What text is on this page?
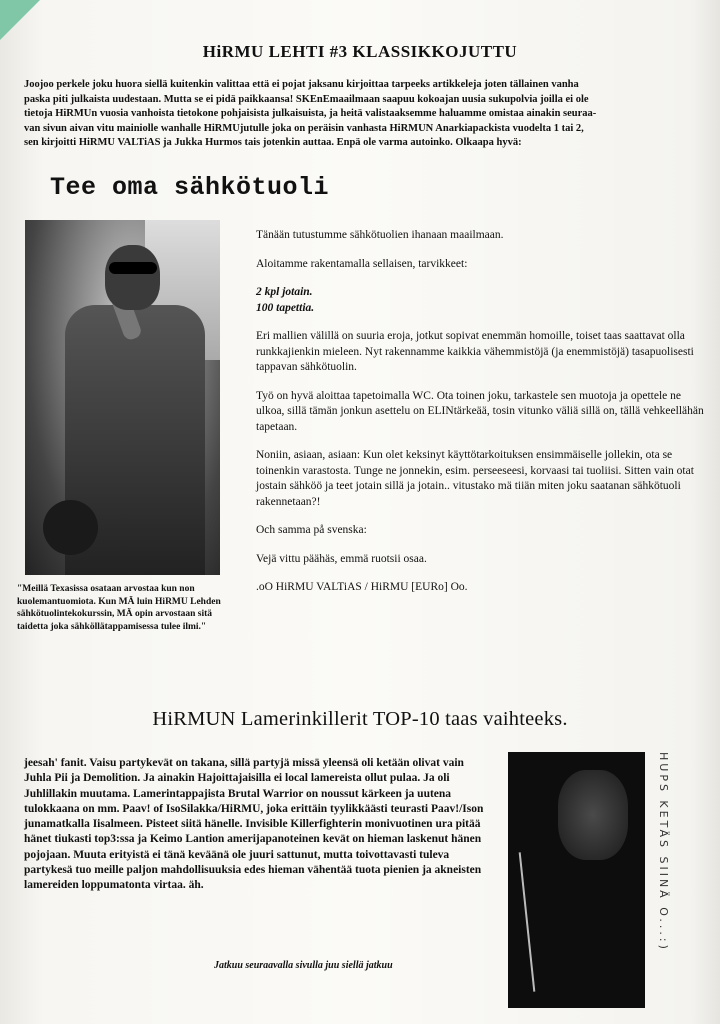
HiRMU LEHTI #3 KLASSIKKOJUTTU

Joojoo perkele joku huora siellä kuitenkin valittaa että ei pojat jaksanu kirjoittaa tarpeeks artikkeleja joten tällainen vanha

paska piti julkaista uudestaan. Mutta se ei pidä paikkaansa! SKEnEmaailmaan saapuu kokoajan uusia sukupolvia joilla ei ole

tietoja HiRMUn vuosia vanhoista tietokone pohjaisista julkaisuista, ja heitä valistaaksemme haluamme omistaa ainakin seuraa-

van sivun aivan vitu mainiolle wanhalle HiRMUjutulle joka on peräisin vanhasta HiRMUN Anarkiapackista vuodelta 1 tai 2,

sen kirjoitti HiRMU VALTiAS ja Jukka Hurmos tais jotenkin auttaa. Enpä ole varma autoinko. Olkaapa hyvä:

Tee oma sähkötuoli
"Meillä Texasissa osataan arvostaa kun non kuolemantuomiota. Kun MÄ luin HiRMU Lehden sähkötuolintekokurssin, MÄ opin arvostaan sitä taidetta joka sähköllätappamisessa tulee ilmi."

Tänään tutustumme sähkötuolien ihanaan maailmaan.

Aloitamme rakentamalla sellaisen, tarvikkeet:

2 kpl jotain.
100 tapettia.

Eri mallien välillä on suuria eroja, jotkut sopivat enemmän homoille, toiset taas saattavat olla runkkajienkin mieleen. Nyt rakennamme kaikkia vähemmistöjä (ja enemmistöjä) tasapuolisesti tappavan sähkötuolin.

Työ on hyvä aloittaa tapetoimalla WC. Ota toinen joku, tarkastele sen muotoja ja opettele ne ulkoa, sillä tämän jonkun asettelu on ELINtärkeää, tosin vitunko väliä sillä on, tällä vehkeellähän tapetaan.

Noniin, asiaan, asiaan: Kun olet keksinyt käyttötarkoituksen ensimmäiselle jollekin, ota se toinenkin varastosta. Tunge ne jonnekin, esim. perseeseesi, korvaasi tai tuoliisi. Sitten vain otat jostain sähköö ja teet jotain sillä ja jotain.. vitustako mä tiiän miten joku saatanan sähkötuoli rakennetaan?!

Och samma på svenska:

Vejä vittu päähäs, emmä ruotsii osaa.

.oO HiRMU VALTiAS / HiRMU [EURo] Oo.

HiRMUN Lamerinkillerit TOP-10 taas vaihteeks.
jeesah' fanit. Vaisu partykevät on takana, sillä partyjä missä yleensä oli ketään olivat vain Juhla Pii ja Demolition. Ja ainakin Hajoittajaisilla ei local lamereista ollut pulaa. Ja oli Juhlillakin muutama. Lamerintappajista Brutal Warrior on noussut kärkeen ja uutena tulokkaana on mm. Paav! of IsoSilakka/HiRMU, joka erittäin tyylikkäästi teurasti Paav!/Ison junamatkalla Iisalmeen. Pisteet siitä hänelle. Invisible Killerfighterin monivuotinen ura pitää hänet tiukasti top3:ssa ja Keimo Lantion amerijapanoteinen kevät on hieman laskenut hänen pojojaan. Muuta erityistä ei tänä keväänä ole juuri sattunut, mutta toivottavasti tuleva partykesä tuo meille paljon mahdollisuuksia edes hieman vähentää tuota pienien ja akneisten lamereiden loppumatonta virtaa. äh.
Jatkuu seuraavalla sivulla juu siellä jatkuu
HUPS KETÄS SIINÄ O...:)
